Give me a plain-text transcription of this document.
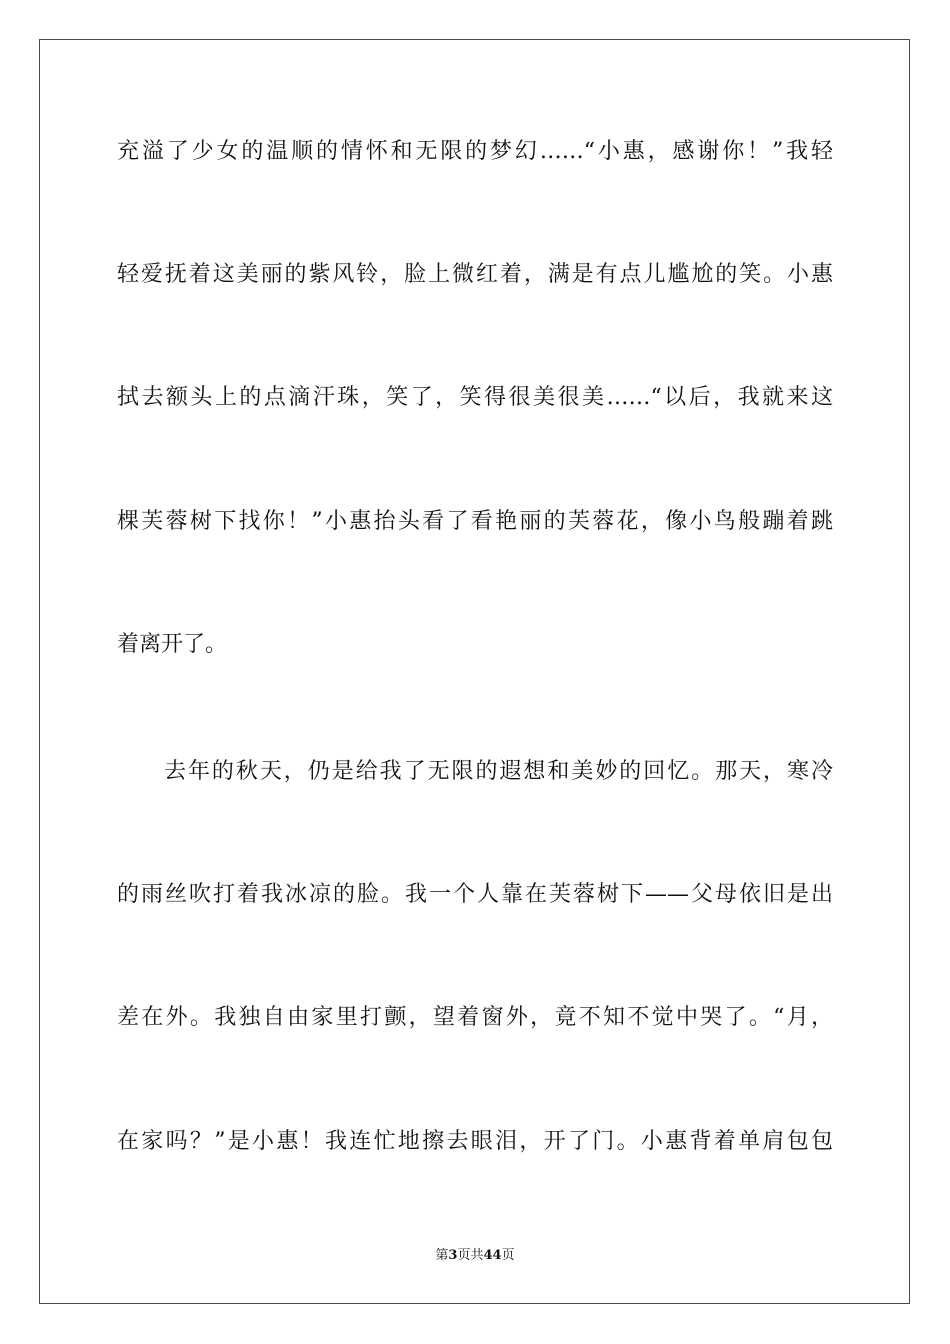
充溢了少女的温顺的情怀和无限的梦幻……“小惠，感谢你！”我轻
轻爱抚着这美丽的紫风铃，脸上微红着，满是有点儿尴尬的笑。小惠
拭去额头上的点滴汗珠，笑了，笑得很美很美……“以后，我就来这
棵芙蓉树下找你！”小惠抬头看了看艳丽的芙蓉花，像小鸟般蹦着跳
着离开了。
去年的秋天，仍是给我了无限的遐想和美妙的回忆。那天，寒冷
的雨丝吹打着我冰凉的脸。我一个人靠在芙蓉树下——父母依旧是出
差在外。我独自由家里打颤，望着窗外，竟不知不觉中哭了。“月，
在家吗？”是小惠！我连忙地擦去眼泪，开了门。小惠背着单肩包包
第3页共44页
